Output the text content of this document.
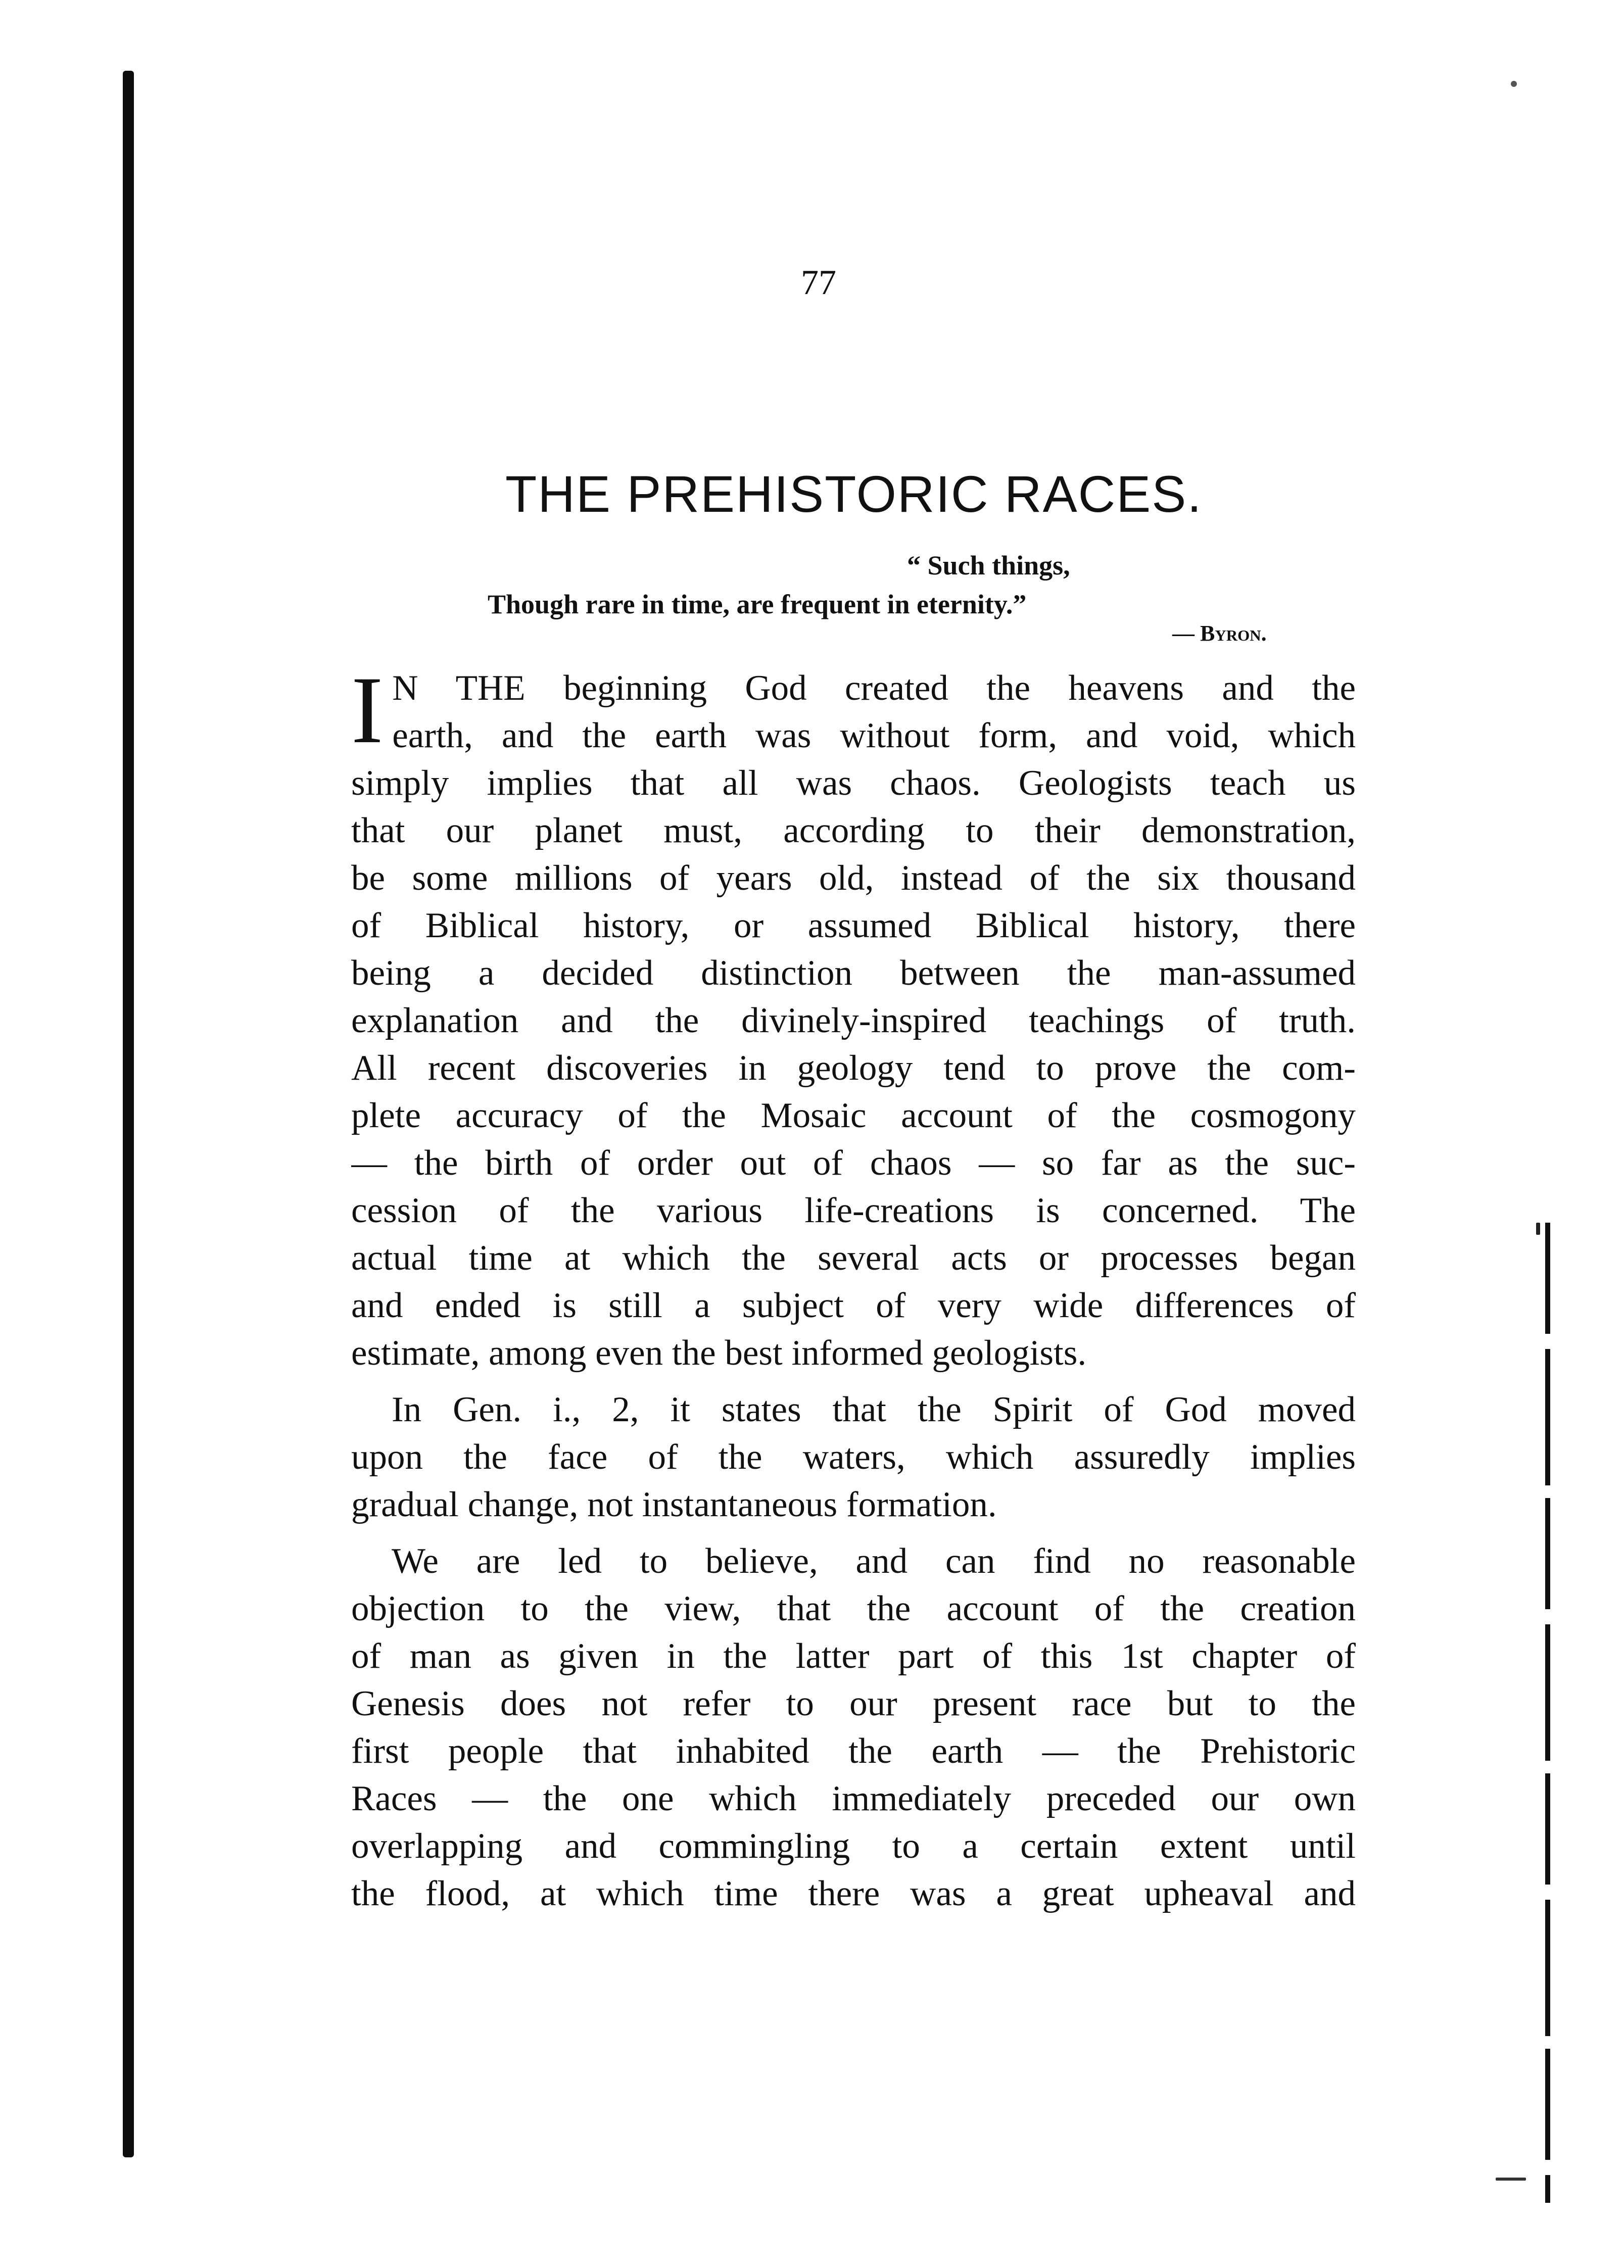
77
THE PREHISTORIC RACES.
“ Such things,
Though rare in time, are frequent in eternity.”
— Byron.
I N THE beginning God created the heavens and the
earth, and the earth was without form, and void, which
simply implies that all was chaos. Geologists teach us
that our planet must, according to their demonstration,
be some millions of years old, instead of the six thousand
of Biblical history, or assumed Biblical history, there
being a decided distinction between the man-assumed
explanation and the divinely-inspired teachings of truth.
All recent discoveries in geology tend to prove the com-
plete accuracy of the Mosaic account of the cosmogony
— the birth of order out of chaos — so far as the suc-
cession of the various life-creations is concerned. The
actual time at which the several acts or processes began
and ended is still a subject of very wide differences of
estimate, among even the best informed geologists.
In Gen. i., 2, it states that the Spirit of God moved
upon the face of the waters, which assuredly implies
gradual change, not instantaneous formation.
We are led to believe, and can find no reasonable
objection to the view, that the account of the creation
of man as given in the latter part of this 1st chapter of
Genesis does not refer to our present race but to the
first people that inhabited the earth — the Prehistoric
Races — the one which immediately preceded our own
overlapping and commingling to a certain extent until
the flood, at which time there was a great upheaval and
